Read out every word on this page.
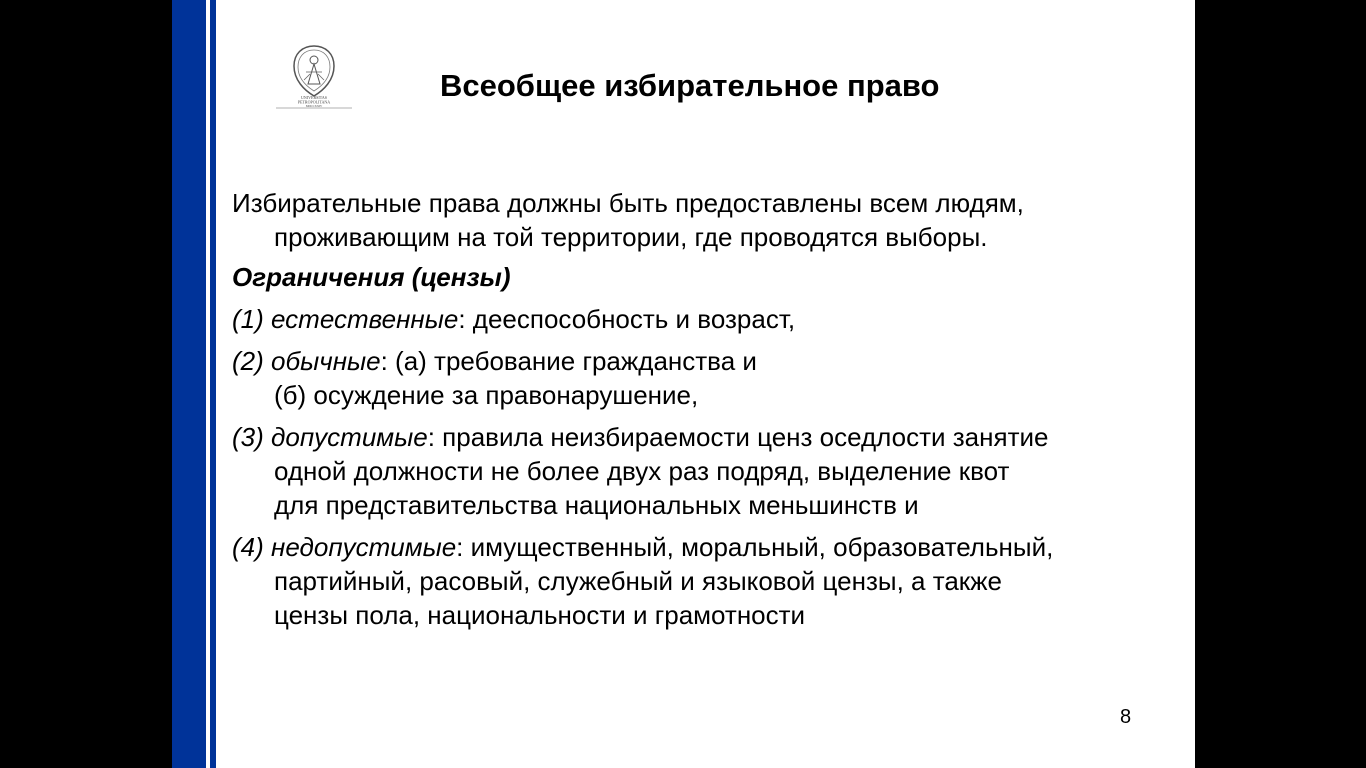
UNIVERSITAS
PETROPOLITANA
MDCCXXIV
Всеобщее избирательное право

Избирательные права должны быть предоставлены всем людям,
проживающим на той территории, где проводятся выборы.

Ограничения (цензы)

(1) естественные: дееспособность и возраст,

(2) обычные: (а) требование гражданства и
(б) осуждение за правонарушение,

(3) допустимые: правила неизбираемости ценз оседлости занятие
одной должности не более двух раз подряд, выделение квот
для представительства национальных меньшинств и

(4) недопустимые: имущественный, моральный, образовательный,
партийный, расовый, служебный и языковой цензы, а также
цензы пола, национальности и грамотности

8
